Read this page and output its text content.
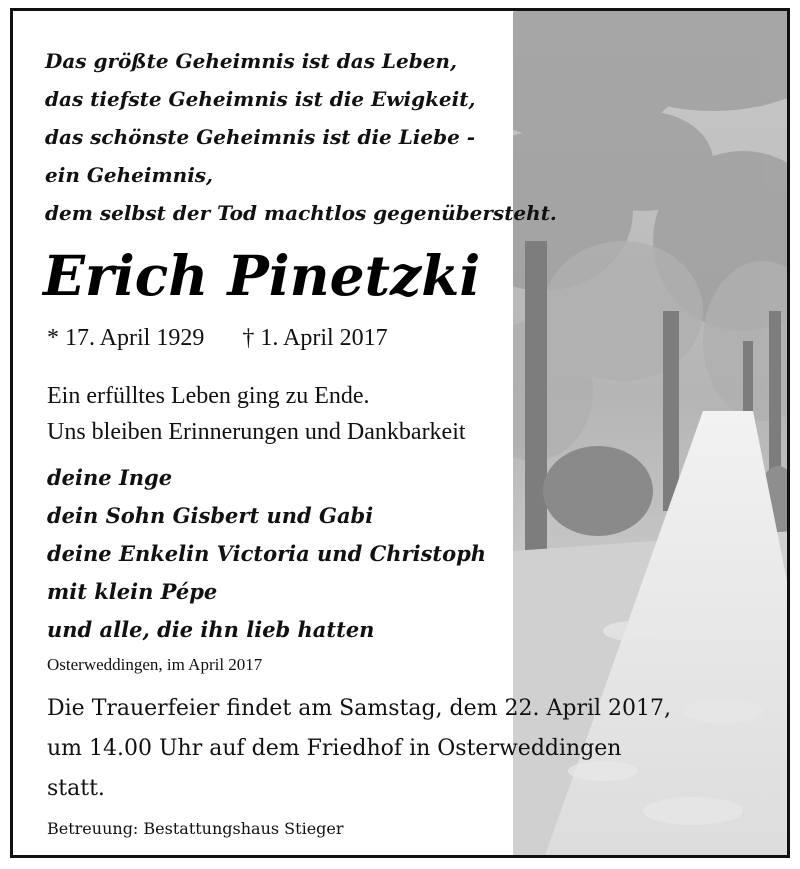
Das größte Geheimnis ist das Leben,
das tiefste Geheimnis ist die Ewigkeit,
das schönste Geheimnis ist die Liebe -
ein Geheimnis,
dem selbst der Tod machtlos gegenübersteht.
Erich Pinetzki
* 17. April 1929 † 1. April 2017
Ein erfülltes Leben ging zu Ende.
Uns bleiben Erinnerungen und Dankbarkeit
deine Inge
dein Sohn Gisbert und Gabi
deine Enkelin Victoria und Christoph
mit klein Pépe
und alle, die ihn lieb hatten
Osterweddingen, im April 2017
Die Trauerfeier findet am Samstag, dem 22. April 2017,
um 14.00 Uhr auf dem Friedhof in Osterweddingen
statt.
Betreuung: Bestattungshaus Stieger
